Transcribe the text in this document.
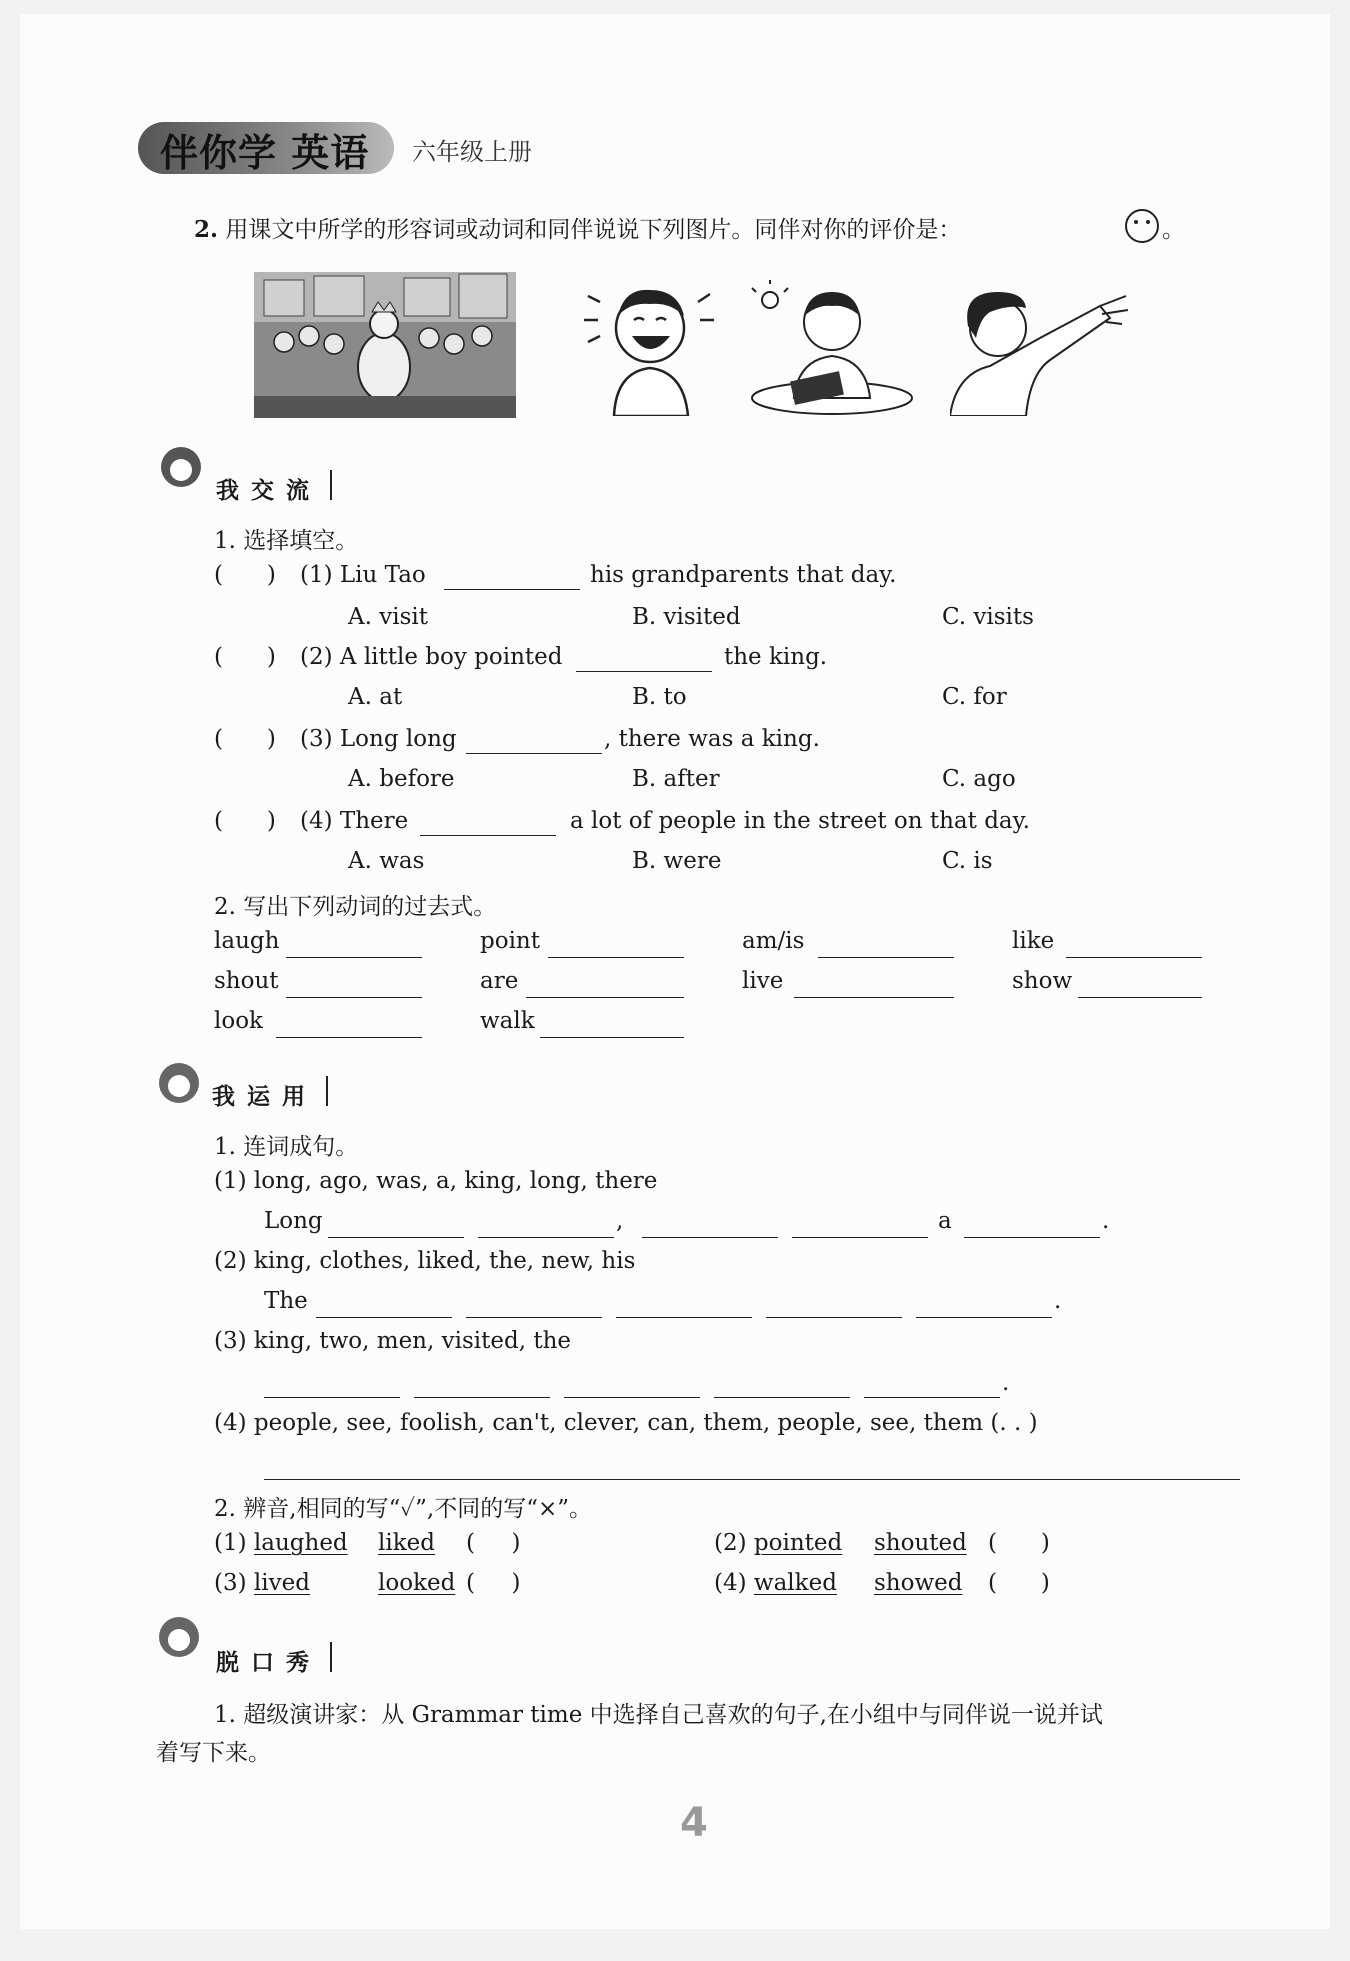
伴你学 英语 六年级上册
2. 用课文中所学的形容词或动词和同伴说说下列图片。同伴对你的评价是：	。
我交流
1. 选择填空。
(      ) (1) Liu Tao	his grandparents that day.
A. visit	B. visited	C. visits
(      ) (2) A little boy pointed	the king.
A. at	B. to	C. for
(      ) (3) Long long	, there was a king.
A. before	B. after	C. ago
(      ) (4) There	a lot of people in the street on that day.
A. was	B. were	C. is
2. 写出下列动词的过去式。
laugh	point	am/is	like
shout	are	live	show
look	walk
我运用
1. 连词成句。
(1) long, ago, was, a, king, long, there
Long	,	a	.
(2) king, clothes, liked, the, new, his
The	.
(3) king, two, men, visited, the
.
(4) people, see, foolish, can't, clever, can, them, people, see, them (. . )
2. 辨音,相同的写“✓”,不同的写“×”。
(1) laughed liked (     )	(2) pointed shouted (      )
(3) lived	looked (     )	(4) walked showed (      )
脱口秀
1. 超级演讲家：从 Grammar time 中选择自己喜欢的句子,在小组中与同伴说一说并试
着写下来。
4
